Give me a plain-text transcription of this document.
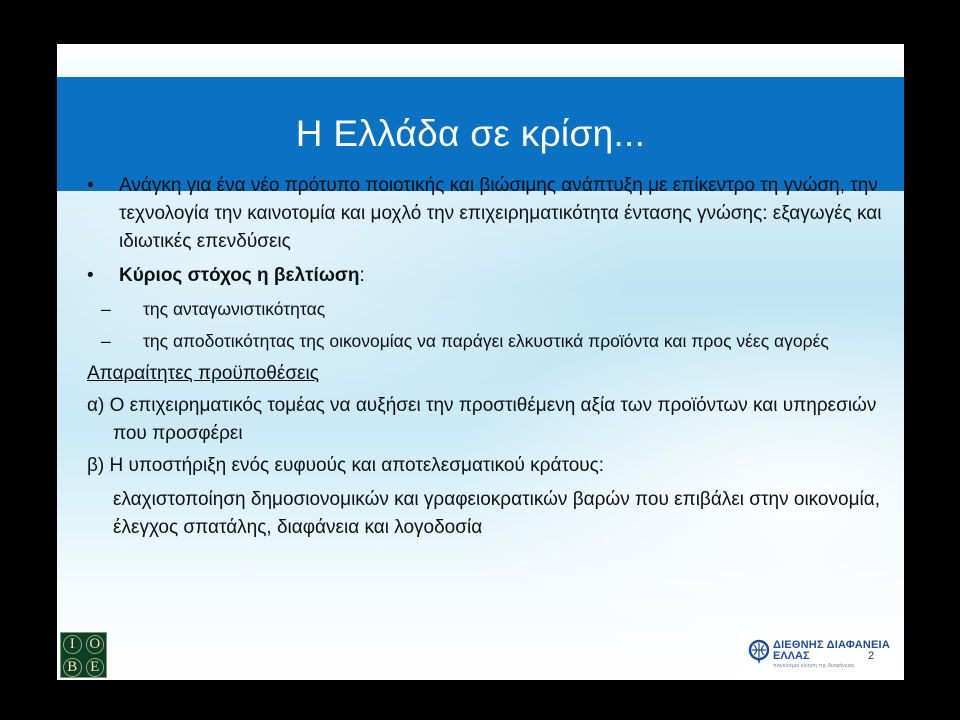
Η Ελλάδα σε κρίση...
• Ανάγκη για ένα νέο πρότυπο ποιοτικής και βιώσιμης ανάπτυξη με επίκεντρο τη γνώση, την τεχνολογία την καινοτομία και μοχλό την επιχειρηματικότητα έντασης γνώσης: εξαγωγές και ιδιωτικές επενδύσεις
• Κύριος στόχος η βελτίωση:
– της ανταγωνιστικότητας
– της αποδοτικότητας της οικονομίας να παράγει ελκυστικά προϊόντα και προς νέες αγορές
Απαραίτητες προϋποθέσεις
α) Ο επιχειρηματικός τομέας να αυξήσει την προστιθέμενη αξία των προϊόντων και υπηρεσιών που προσφέρει
β) Η υποστήριξη ενός ευφυούς και αποτελεσματικού κράτους:
ελαχιστοποίηση δημοσιονομικών και γραφειοκρατικών βαρών που επιβάλει στην οικονομία, έλεγχος σπατάλης, διαφάνεια και λογοδοσία
Ι Ο
Β Ε
ΔΙΕΘΝΗΣ ΔΙΑΦΑΝΕΙΑ
ΕΛΛΑΣ
παγκόσμια κίνηση της διαφάνειας
2
